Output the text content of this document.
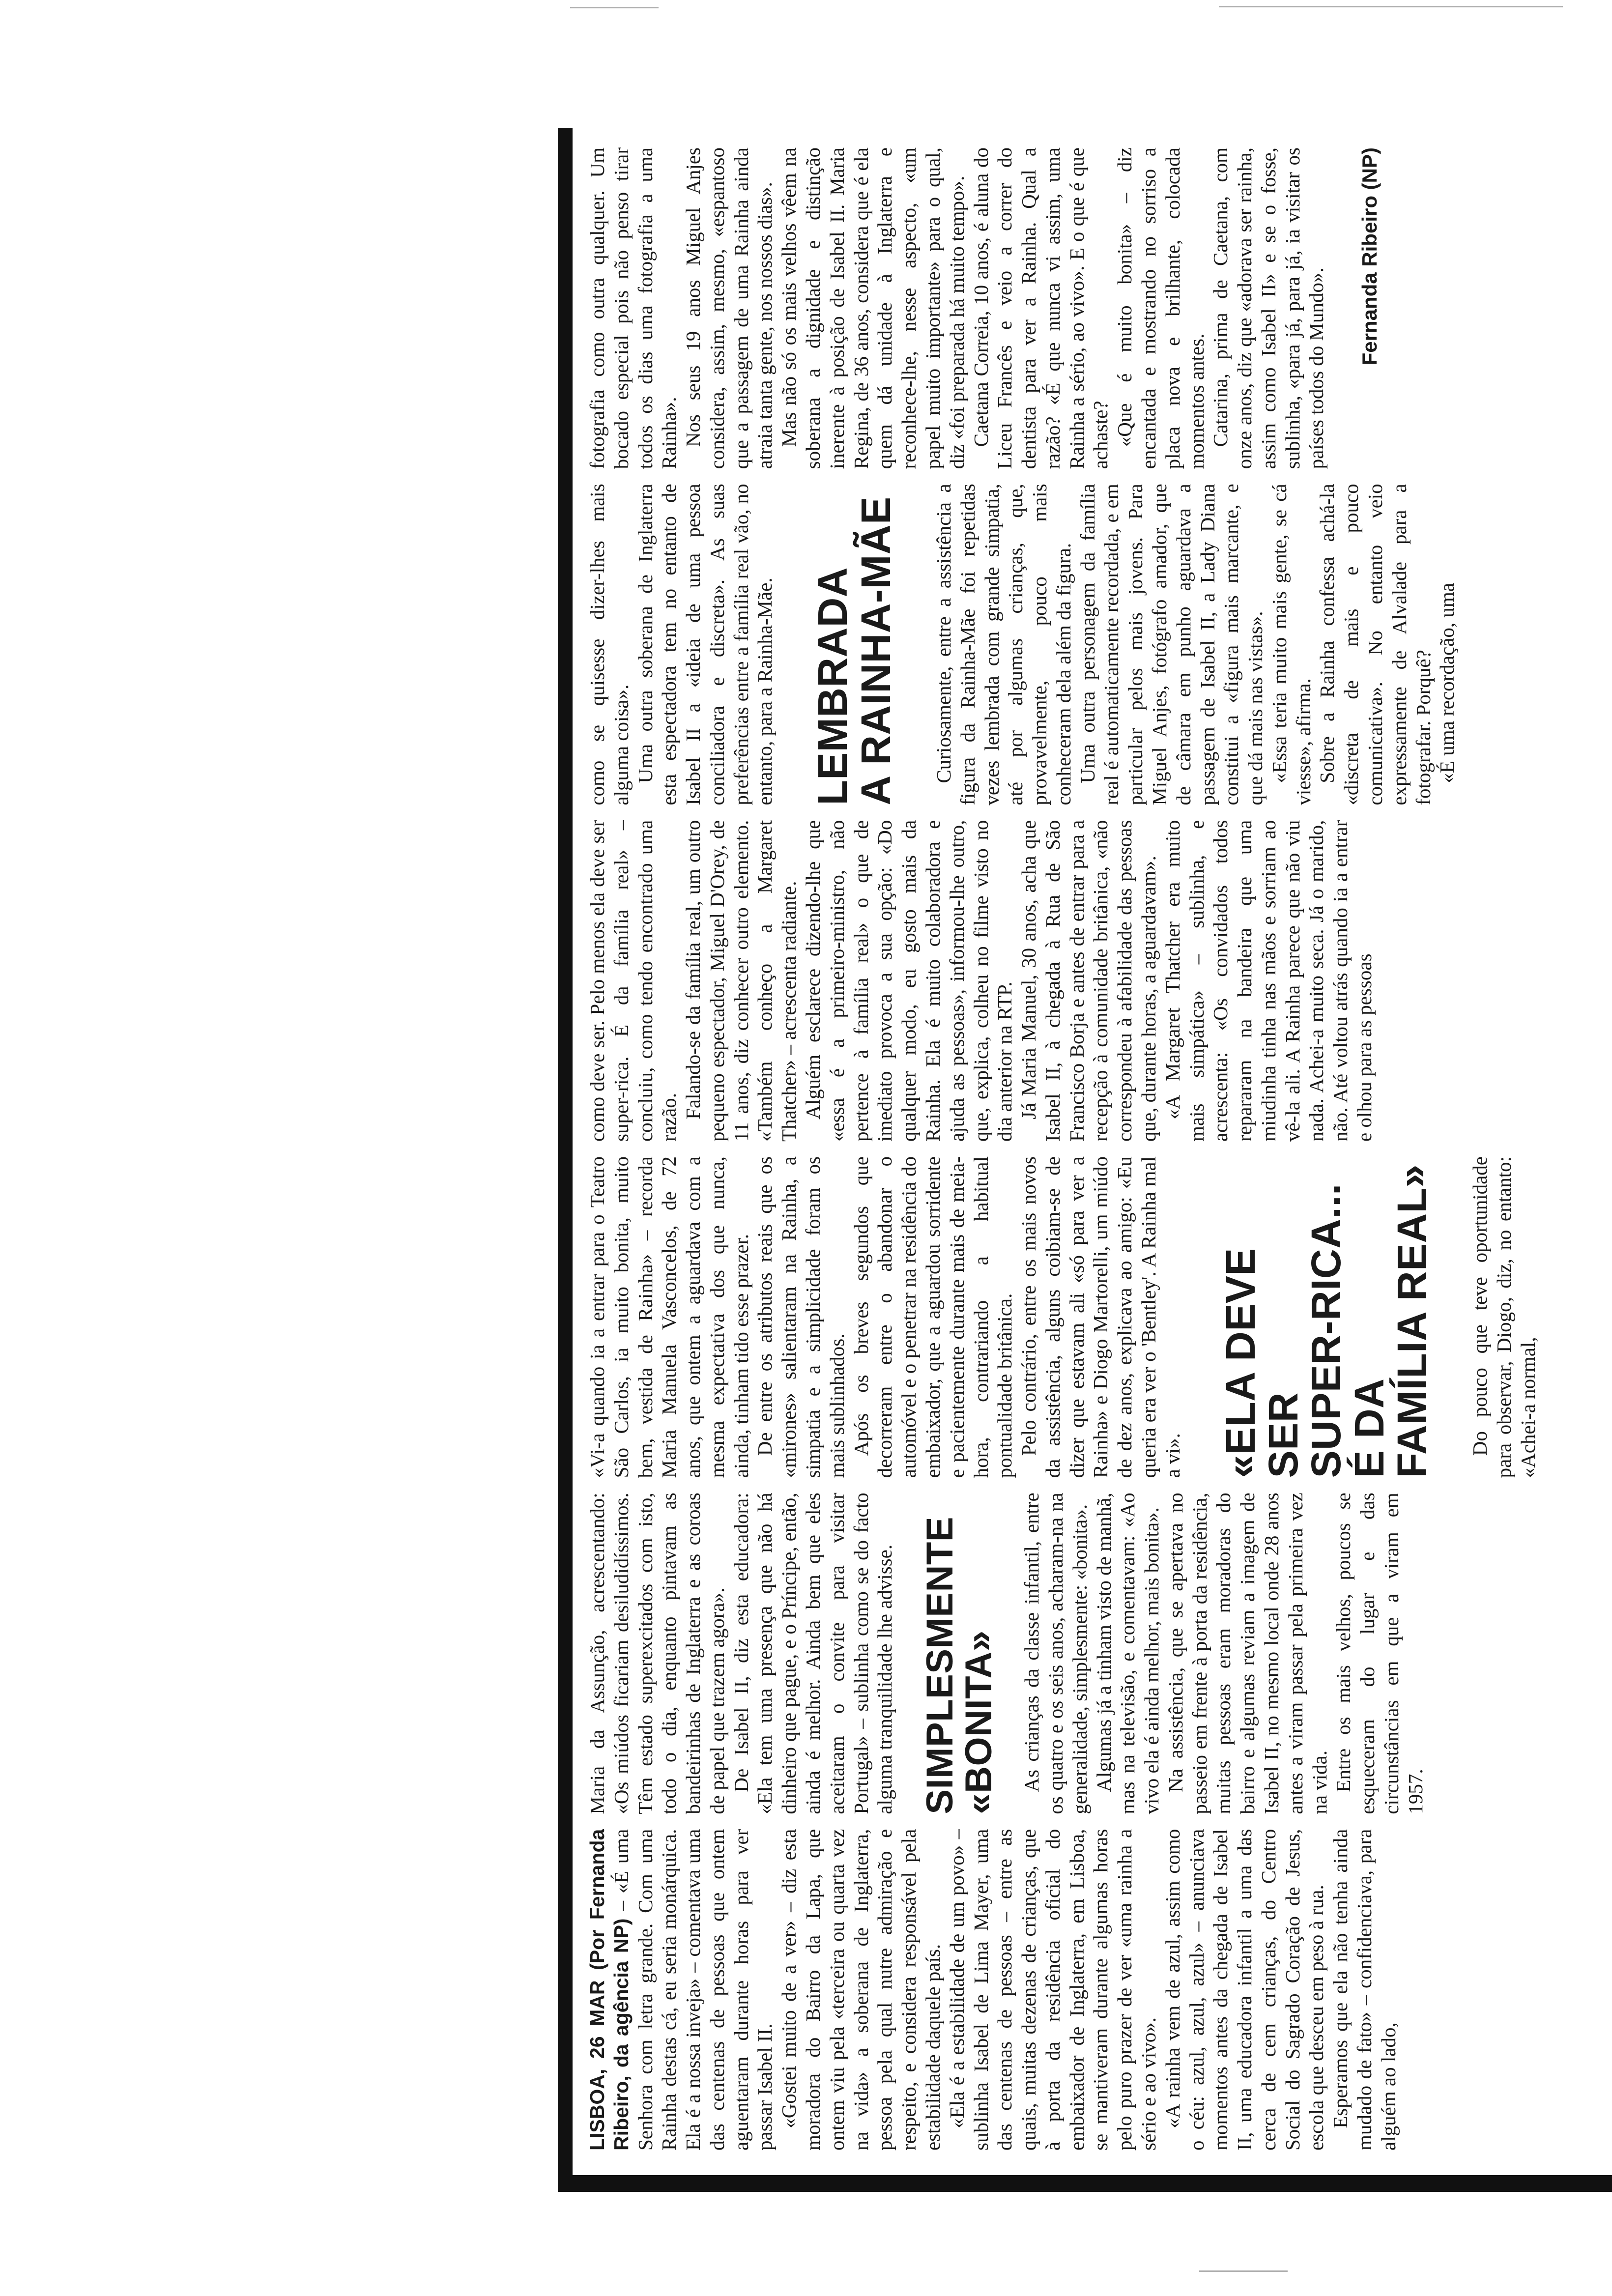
LISBOA, 26 MAR (Por Fernanda Ribeiro, da agência NP) – «É uma Senhora com letra grande. Com uma Rainha destas cá, eu seria monárquica. Ela é a nossa inveja» – comentava uma das centenas de pessoas que ontem aguentaram durante horas para ver passar Isabel II. «Gostei muito de a ver» – diz esta moradora do Bairro da Lapa, que ontem viu pela «terceira ou quarta vez na vida» a soberana de Inglaterra, pessoa pela qual nutre admiração e respeito, e considera responsável pela estabilidade daquele país. «Ela é a estabilidade de um povo» – sublinha Isabel de Lima Mayer, uma das centenas de pessoas – entre as quais, muitas dezenas de crianças, que à porta da residência oficial do embaixador de Inglaterra, em Lisboa, se mantiveram durante algumas horas pelo puro prazer de ver «uma rainha a sério e ao vivo». «A rainha vem de azul, assim como o céu: azul, azul, azul» – anunciava momentos antes da chegada de Isabel II, uma educadora infantil a uma das cerca de cem crianças, do Centro Social do Sagrado Coração de Jesus, escola que desceu em peso à rua. Esperamos que ela não tenha ainda mudado de fato» – confidenciava, para alguém ao lado,

Maria da Assunção, acrescentando: «Os miúdos ficariam desiludidíssimos. Têm estado superexcitados com isto, todo o dia, enquanto pintavam as bandeirinhas de Inglaterra e as coroas de papel que trazem agora». De Isabel II, diz esta educadora: «Ela tem uma presença que não há dinheiro que pague, e o Príncipe, então, ainda é melhor. Ainda bem que eles aceitaram o convite para visitar Portugal» – sublinha como se do facto alguma tranquilidade lhe advisse. SIMPLESMENTE
«BONITA» As crianças da classe infantil, entre os quatro e os seis anos, acharam-na na generalidade, simplesmente: «bonita». Algumas já a tinham visto de manhã, mas na televisão, e comentavam: «Ao vivo ela é ainda melhor, mais bonita». Na assistência, que se apertava no passeio em frente à porta da residência, muitas pessoas eram moradoras do bairro e algumas reviam a imagem de Isabel II, no mesmo local onde 28 anos antes a viram passar pela primeira vez na vida. Entre os mais velhos, poucos se esqueceram do lugar e das circunstâncias em que a viram em 1957.

«Vi-a quando ia a entrar para o Teatro São Carlos, ia muito bonita, muito bem, vestida de Rainha» – recorda Maria Manuela Vasconcelos, de 72 anos, que ontem a aguardava com a mesma expectativa dos que nunca, ainda, tinham tido esse prazer. De entre os atributos reais que os «mirones» salientaram na Rainha, a simpatia e a simplicidade foram os mais sublinhados. Após os breves segundos que decorreram entre o abandonar o automóvel e o penetrar na residência do embaixador, que a aguardou sorridente e pacientemente durante mais de meia-hora, contrariando a habitual pontualidade britânica. Pelo contrário, entre os mais novos da assistência, alguns coibiam-se de dizer que estavam ali «só para ver a Rainha» e Diogo Martorelli, um miúdo de dez anos, explicava ao amigo: «Eu queria era ver o 'Bentley'. A Rainha mal a vi». «ELA DEVE SER
SUPER-RICA...
É DA
FAMÍLIA REAL» Do pouco que teve oportunidade para observar, Diogo, diz, no entanto: «Achei-a normal,

como deve ser. Pelo menos ela deve ser super-rica. É da família real» – concluiu, como tendo encontrado uma razão. Falando-se da família real, um outro pequeno espectador, Miguel D'Orey, de 11 anos, diz conhecer outro elemento. «Também conheço a Margaret Thatcher» – acrescenta radiante. Alguém esclarece dizendo-lhe que «essa é a primeiro-ministro, não pertence à família real» o que de imediato provoca a sua opção: «Do qualquer modo, eu gosto mais da Rainha. Ela é muito colaboradora e ajuda as pessoas», informou-lhe outro, que, explica, colheu no filme visto no dia anterior na RTP. Já Maria Manuel, 30 anos, acha que Isabel II, à chegada à Rua de São Francisco Borja e antes de entrar para a recepção à comunidade britânica, «não correspondeu à afabilidade das pessoas que, durante horas, a aguardavam». «A Margaret Thatcher era muito mais simpática» – sublinha, e acrescenta: «Os convidados todos repararam na bandeira que uma miudinha tinha nas mãos e sorriam ao vê-la ali. A Rainha parece que não viu nada. Achei-a muito seca. Já o marido, não. Até voltou atrás quando ia a entrar e olhou para as pessoas

como se quisesse dizer-lhes mais alguma coisa». Uma outra soberana de Inglaterra esta espectadora tem no entanto de Isabel II a «ideia de uma pessoa conciliadora e discreta». As suas preferências entre a família real vão, no entanto, para a Rainha-Mãe. LEMBRADA
A RAINHA-MÃE Curiosamente, entre a assistência a figura da Rainha-Mãe foi repetidas vezes lembrada com grande simpatia, até por algumas crianças, que, provavelmente, pouco mais conheceram dela além da figura. Uma outra personagem da família real é automaticamente recordada, e em particular pelos mais jovens. Para Miguel Anjes, fotógrafo amador, que de câmara em punho aguardava a passagem de Isabel II, a Lady Diana constitui a «figura mais marcante, e que dá mais nas vistas». «Essa teria muito mais gente, se cá viesse», afirma. Sobre a Rainha confessa achá-la «discreta de mais e pouco comunicativa». No entanto veio expressamente de Alvalade para a fotografar. Porquê? «É uma recordação, uma

fotografia como outra qualquer. Um bocado especial pois não penso tirar todos os dias uma fotografia a uma Rainha». Nos seus 19 anos Miguel Anjes considera, assim, mesmo, «espantoso que a passagem de uma Rainha ainda atraia tanta gente, nos nossos dias». Mas não só os mais velhos vêem na soberana a dignidade e distinção inerente à posição de Isabel II. Maria Regina, de 36 anos, considera que é ela quem dá unidade à Inglaterra e reconhece-lhe, nesse aspecto, «um papel muito importante» para o qual, diz «foi preparada há muito tempo». Caetana Correia, 10 anos, é aluna do Liceu Francês e veio a correr do dentista para ver a Rainha. Qual a razão? «É que nunca vi assim, uma Rainha a sério, ao vivo». E o que é que achaste? «Que é muito bonita» – diz encantada e mostrando no sorriso a placa nova e brilhante, colocada momentos antes. Catarina, prima de Caetana, com onze anos, diz que «adorava ser rainha, assim como Isabel II» e se o fosse, sublinha, «para já, para já, ia visitar os países todos do Mundo».

Fernanda Ribeiro (NP)
